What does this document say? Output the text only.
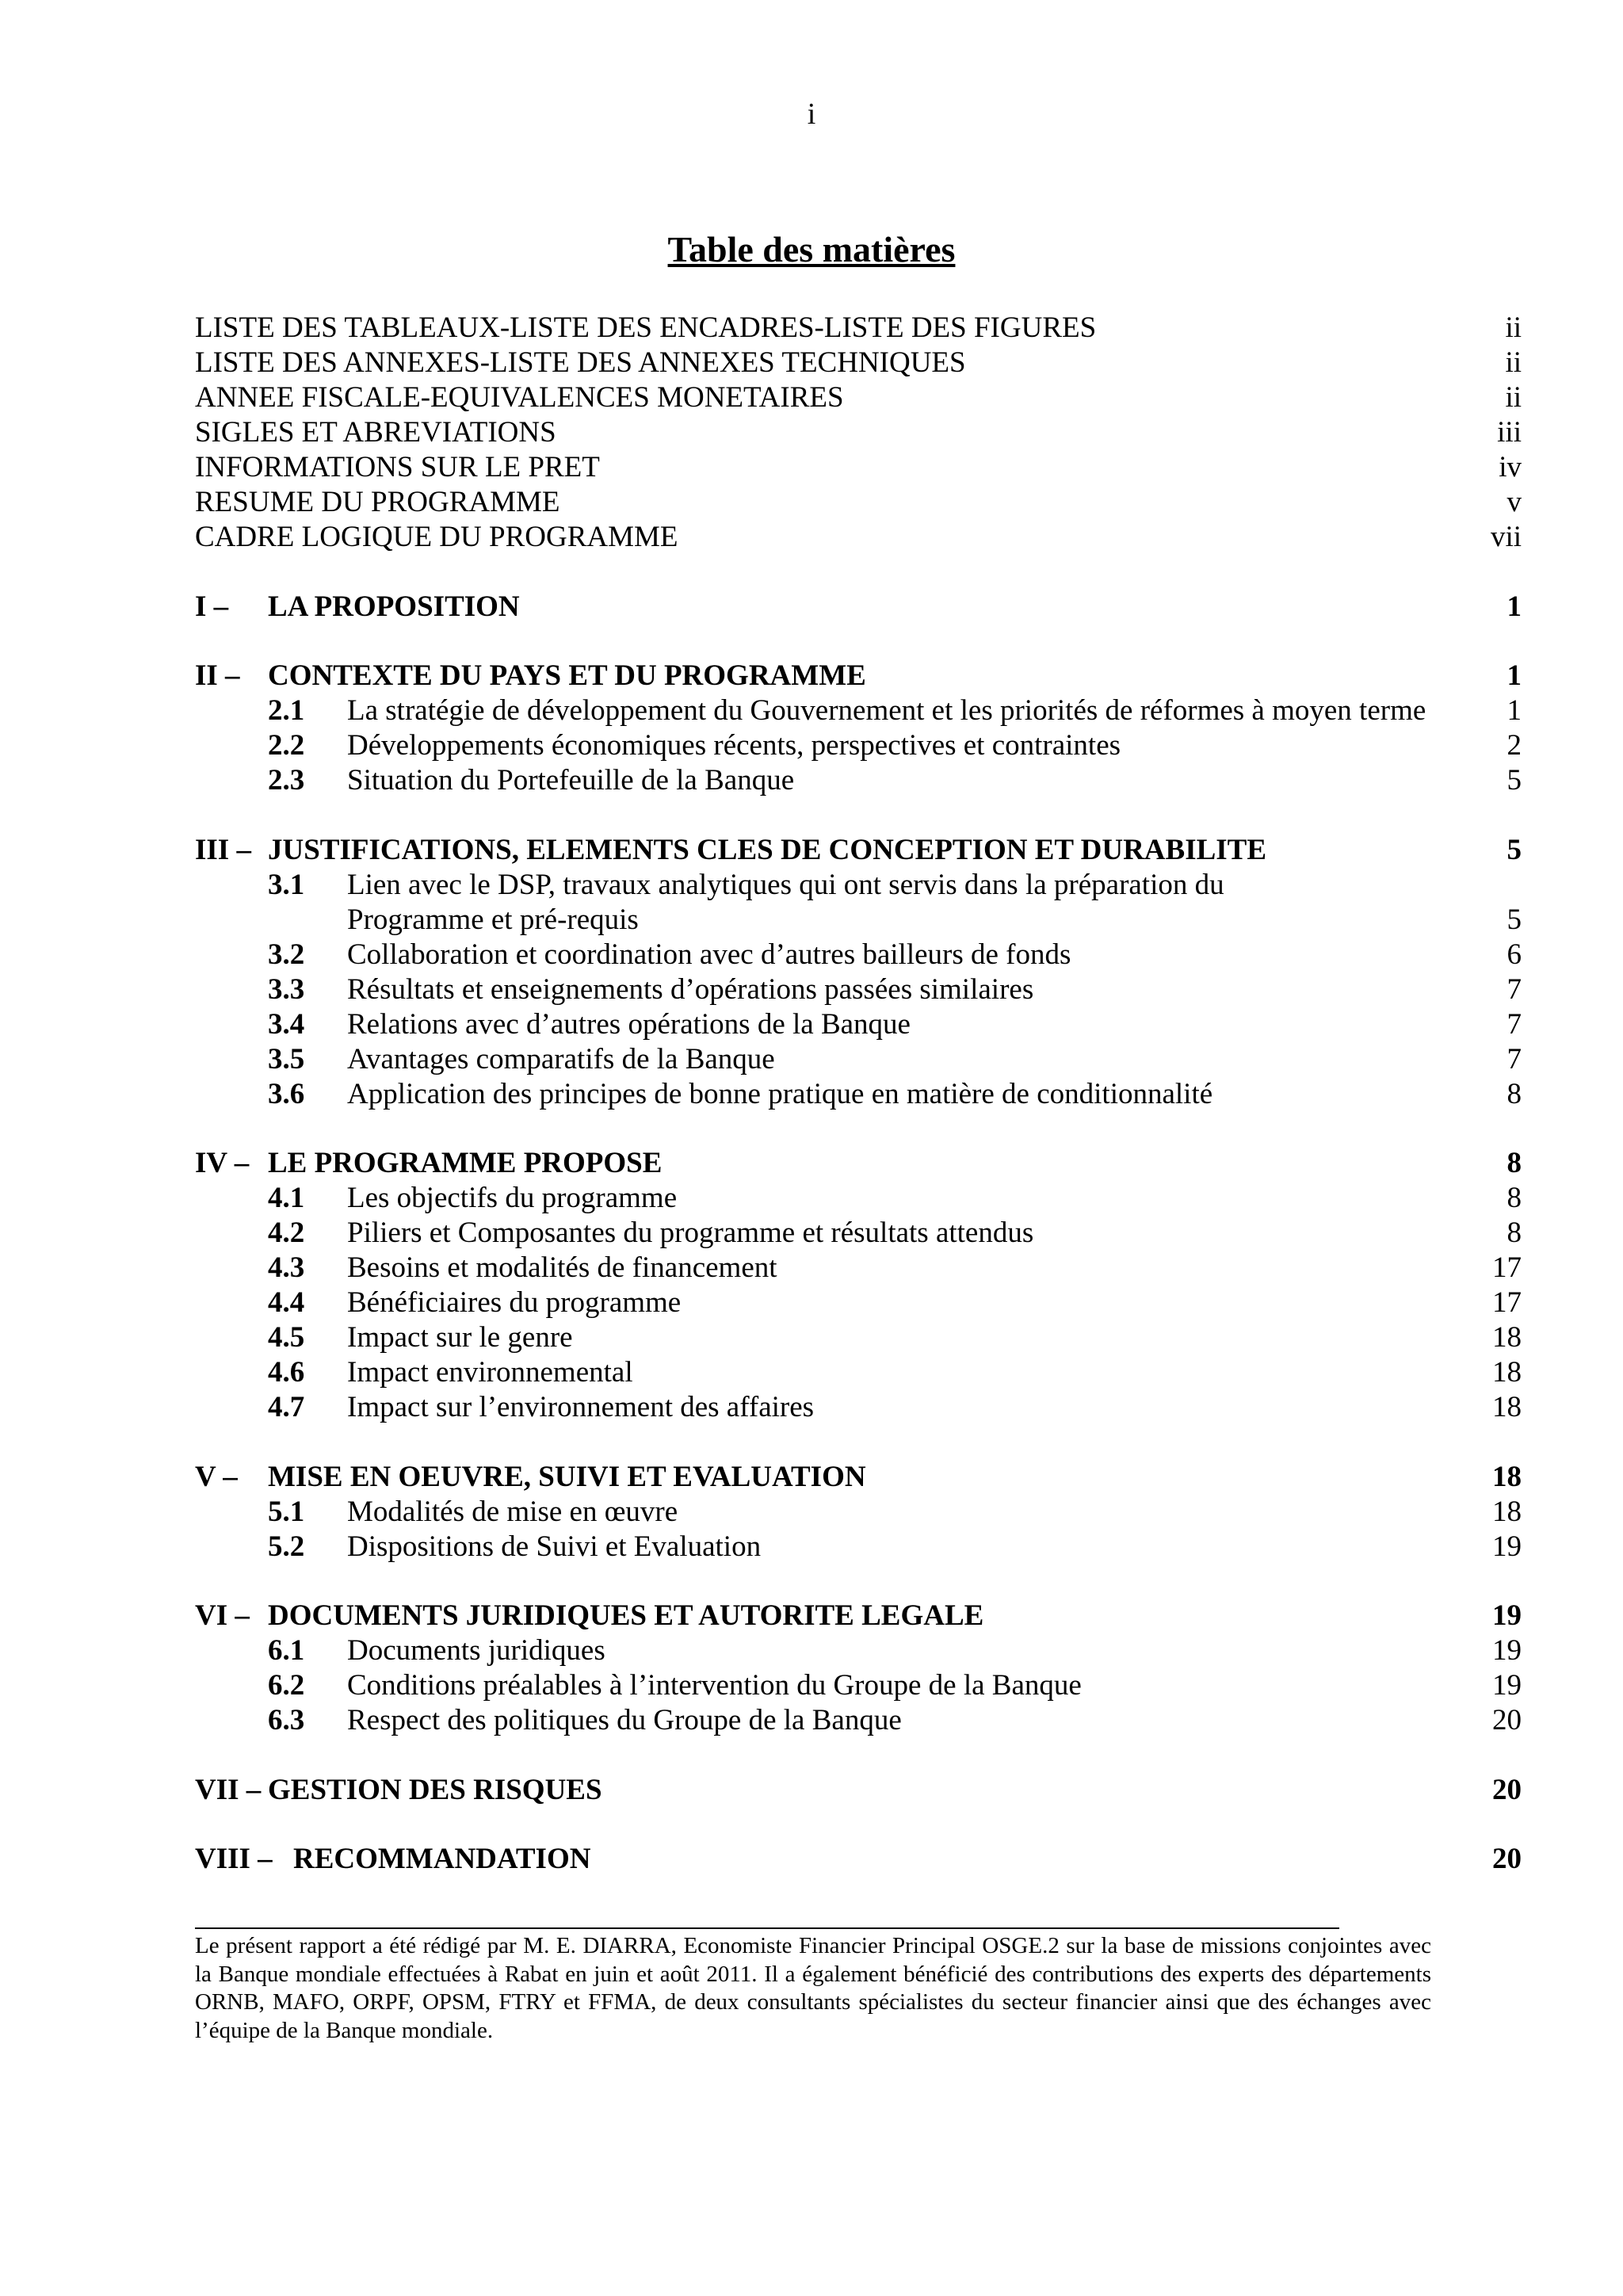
i
Table des matières
LISTE DES TABLEAUX-LISTE DES ENCADRES-LISTE DES FIGURES	ii
LISTE DES ANNEXES-LISTE DES ANNEXES TECHNIQUES	ii
ANNEE FISCALE-EQUIVALENCES MONETAIRES	ii
SIGLES ET ABREVIATIONS	iii
INFORMATIONS SUR LE PRET	iv
RESUME DU PROGRAMME	v
CADRE LOGIQUE DU PROGRAMME	vii
I – LA PROPOSITION	1
II – CONTEXTE DU PAYS ET DU PROGRAMME	1
2.1 La stratégie de développement du Gouvernement et les priorités de réformes à moyen terme	1
2.2 Développements économiques récents, perspectives et contraintes	2
2.3 Situation du Portefeuille de la Banque	5
III – JUSTIFICATIONS, ELEMENTS CLES DE CONCEPTION ET DURABILITE	5
3.1 Lien avec le DSP, travaux analytiques qui ont servis dans la préparation du
Programme et pré-requis	5
3.2 Collaboration et coordination avec d’autres bailleurs de fonds	6
3.3 Résultats et enseignements d’opérations passées similaires	7
3.4 Relations avec d’autres opérations de la Banque	7
3.5 Avantages comparatifs de la Banque	7
3.6 Application des principes de bonne pratique en matière de conditionnalité	8
IV – LE PROGRAMME PROPOSE	8
4.1 Les objectifs du programme	8
4.2 Piliers et Composantes du programme et résultats attendus	8
4.3 Besoins et modalités de financement	17
4.4 Bénéficiaires du programme	17
4.5 Impact sur le genre	18
4.6 Impact environnemental	18
4.7 Impact sur l’environnement des affaires	18
V – MISE EN OEUVRE, SUIVI ET EVALUATION	18
5.1 Modalités de mise en œuvre	18
5.2 Dispositions de Suivi et Evaluation	19
VI – DOCUMENTS JURIDIQUES ET AUTORITE LEGALE	19
6.1 Documents juridiques	19
6.2 Conditions préalables à l’intervention du Groupe de la Banque	19
6.3 Respect des politiques du Groupe de la Banque	20
VII – GESTION DES RISQUES	20
VIII – RECOMMANDATION	20
Le présent rapport a été rédigé par M. E. DIARRA, Economiste Financier Principal OSGE.2 sur la base de missions conjointes avec la Banque mondiale effectuées à Rabat en juin et août 2011. Il a également bénéficié des contributions des experts des départements ORNB, MAFO, ORPF, OPSM, FTRY et FFMA, de deux consultants spécialistes du secteur financier ainsi que des échanges avec l’équipe de la Banque mondiale.
